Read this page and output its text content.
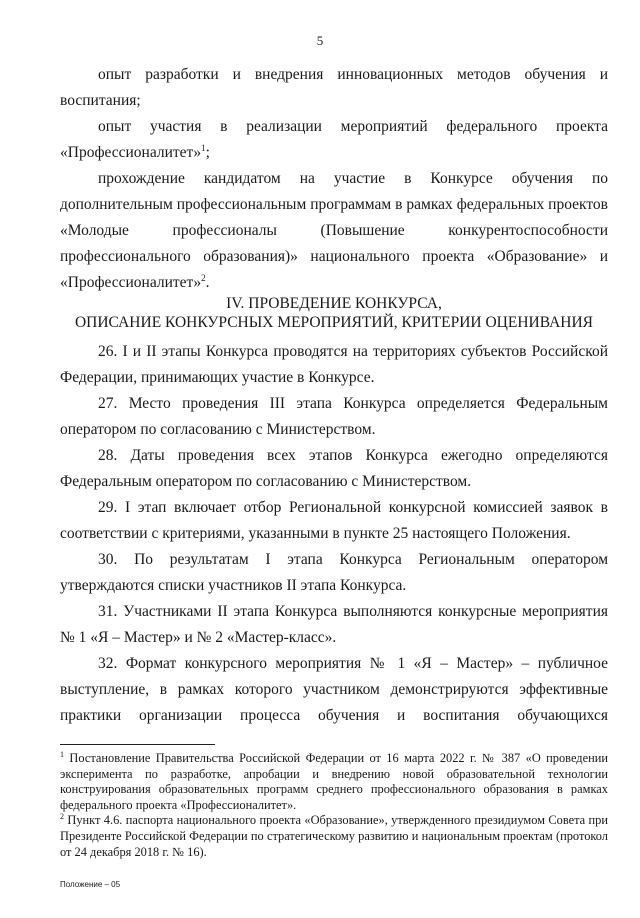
5

опыт разработки и внедрения инновационных методов обучения и воспитания;

опыт участия в реализации мероприятий федерального проекта «Профессионалитет»$^1$;

прохождение кандидатом на участие в Конкурсе обучения по дополнительным профессиональным программам в рамках федеральных проектов «Молодые профессионалы (Повышение конкурентоспособности профессионального образования)» национального проекта «Образование» и «Профессионалитет»$^2$.

IV. ПРОВЕДЕНИЕ КОНКУРСА,
ОПИСАНИЕ КОНКУРСНЫХ МЕРОПРИЯТИЙ, КРИТЕРИИ ОЦЕНИВАНИЯ

26. I и II этапы Конкурса проводятся на территориях субъектов Российской Федерации, принимающих участие в Конкурсе.

27. Место проведения III этапа Конкурса определяется Федеральным оператором по согласованию с Министерством.

28. Даты проведения всех этапов Конкурса ежегодно определяются Федеральным оператором по согласованию с Министерством.

29. I этап включает отбор Региональной конкурсной комиссией заявок в соответствии с критериями, указанными в пункте 25 настоящего Положения.

30. По результатам I этапа Конкурса Региональным оператором утверждаются списки участников II этапа Конкурса.

31. Участниками II этапа Конкурса выполняются конкурсные мероприятия № 1 «Я – Мастер» и № 2 «Мастер-класс».

32. Формат конкурсного мероприятия № 1 «Я – Мастер» – публичное выступление, в рамках которого участником демонстрируются эффективные практики организации процесса обучения и воспитания обучающихся

$^1$ Постановление Правительства Российской Федерации от 16 марта 2022 г. № 387 «О проведении эксперимента по разработке, апробации и внедрению новой образовательной технологии конструирования образовательных программ среднего профессионального образования в рамках федерального проекта «Профессионалитет».

$^2$ Пункт 4.6. паспорта национального проекта «Образование», утвержденного президиумом Совета при Президенте Российской Федерации по стратегическому развитию и национальным проектам (протокол от 24 декабря 2018 г. № 16).

Положение – 05
